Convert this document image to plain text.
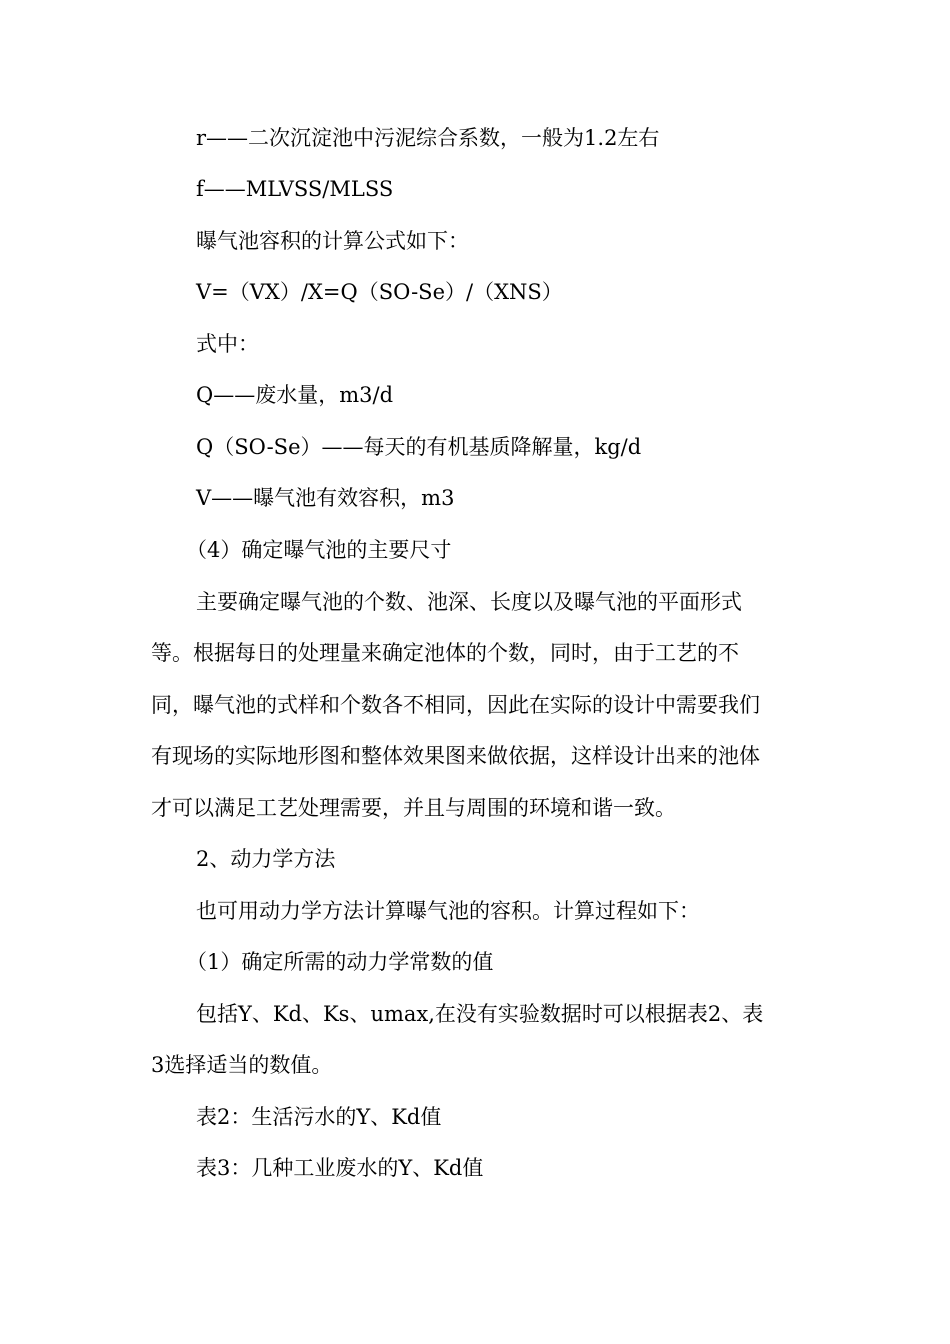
r——二次沉淀池中污泥综合系数，一般为1.2左右
f——MLVSS/MLSS
曝气池容积的计算公式如下：
V=（VX）/X=Q（SO-Se）/（XNS）
式中：
Q——废水量，m3/d
Q（SO-Se）——每天的有机基质降解量，kg/d
V——曝气池有效容积，m3
（4）确定曝气池的主要尺寸
主要确定曝气池的个数、池深、长度以及曝气池的平面形式
等。根据每日的处理量来确定池体的个数，同时，由于工艺的不
同，曝气池的式样和个数各不相同，因此在实际的设计中需要我们
有现场的实际地形图和整体效果图来做依据，这样设计出来的池体
才可以满足工艺处理需要，并且与周围的环境和谐一致。
2、动力学方法
也可用动力学方法计算曝气池的容积。计算过程如下：
（1）确定所需的动力学常数的值
包括Y、Kd、Ks、umax,在没有实验数据时可以根据表2、表
3选择适当的数值。
表2：生活污水的Y、Kd值
表3：几种工业废水的Y、Kd值
